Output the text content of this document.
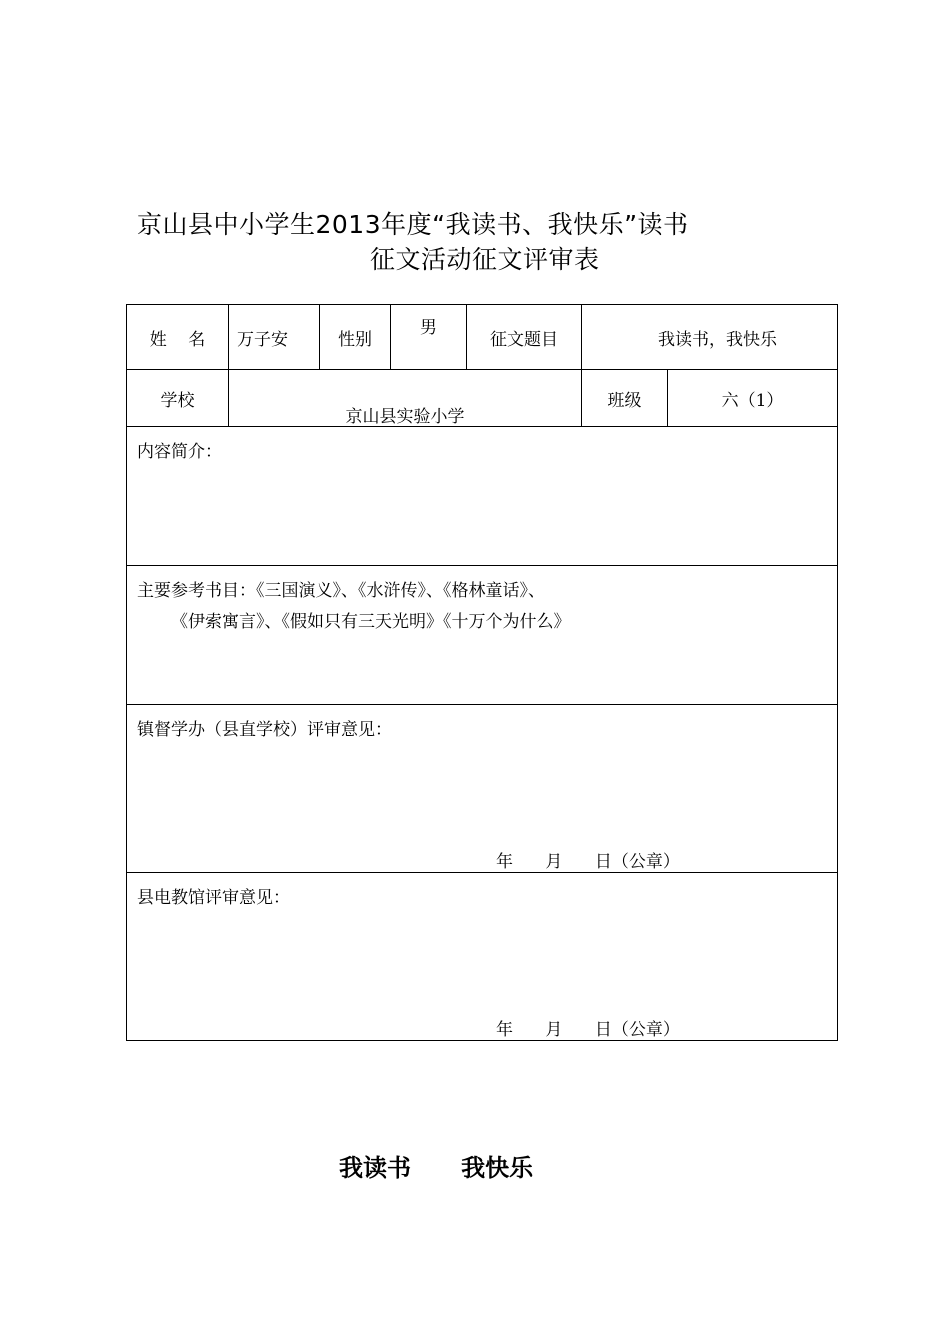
京山县中小学生2013年度“我读书、我快乐”读书
征文活动征文评审表
姓    名	万子安	性别	男	征文题目	我读书，我快乐	
学校	京山县实验小学				班级	六（1）

内容简介：						

主要参考书目：《三国演义》、《水浒传》、《格林童话》、
《伊索寓言》、《假如只有三天光明》《十万个为什么》						

镇督学办（县直学校）评审意见：
年      月      日（公章）						

县电教馆评审意见：
年      月      日（公章）						
我读书      我快乐
